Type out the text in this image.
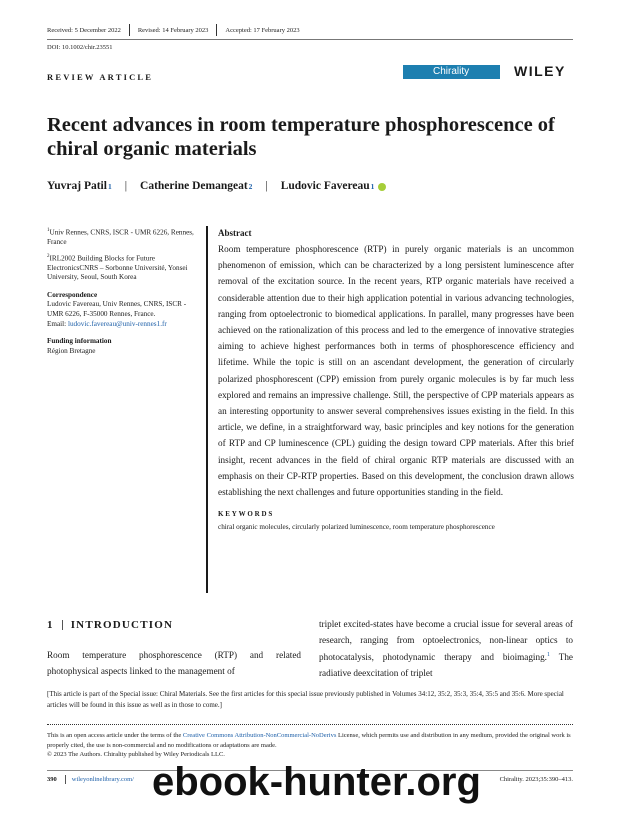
Received: 5 December 2022	Revised: 14 February 2023	Accepted: 17 February 2023
DOI: 10.1002/chir.23551
REVIEW ARTICLE	Chirality	WILEY
Recent advances in room temperature phosphorescence of chiral organic materials
Yuvraj Patil 1 | Catherine Demangeat 2 | Ludovic Favereau 1

$^1$Univ Rennes, CNRS, ISCR - UMR 6226, Rennes, France

$^2$IRL2002 Building Blocks for Future ElectronicsCNRS – Sorbonne Université, Yonsei University, Seoul, South Korea

Correspondence

Ludovic Favereau, Univ Rennes, CNRS, ISCR - UMR 6226, F-35000 Rennes, France.
Email: ludovic.favereau@univ-rennes1.fr

Funding information

Région Bretagne

Abstract
Room temperature phosphorescence (RTP) in purely organic materials is an uncommon phenomenon of emission, which can be characterized by a long persistent luminescence after removal of the excitation source. In the recent years, RTP organic materials have received a considerable attention due to their high application potential in various advancing technologies, ranging from optoelectronic to biomedical applications. In parallel, many progresses have been achieved on the rationalization of this process and led to the emergence of innovative strategies aiming to achieve highest performances both in terms of phosphorescence efficiency and lifetime. While the topic is still on an ascendant development, the generation of circularly polarized phosphorescent (CPP) emission from purely organic molecules is by far much less explored and remains an impressive challenge. Still, the perspective of CPP materials appears as an interesting opportunity to answer several comprehensives issues existing in the field. In this article, we define, in a straightforward way, basic principles and key notions for the generation of RTP and CP luminescence (CPL) guiding the design toward CPP materials. After this brief insight, recent advances in the field of chiral organic RTP materials are discussed with an emphasis on their CP-RTP properties. Based on this development, the conclusion drawn allows establishing the next challenges and future opportunities standing in the field.
KEYWORDS
chiral organic molecules, circularly polarized luminescence, room temperature phosphorescence
1 INTRODUCTION
Room temperature phosphorescence (RTP) and related photophysical aspects linked to the management of
triplet excited-states have become a crucial issue for several areas of research, ranging from optoelectronics, non-linear optics to photocatalysis, photodynamic therapy and bioimaging.$^1$ The radiative deexcitation of triplet
[This article is part of the Special issue: Chiral Materials. See the first articles for this special issue previously published in Volumes 34:12, 35:2, 35:3, 35:4, 35:5 and 35:6. More special articles will be found in this issue as well as in those to come.]
This is an open access article under the terms of the Creative Commons Attribution-NonCommercial-NoDerivs License, which permits use and distribution in any medium, provided the original work is properly cited, the use is non-commercial and no modifications or adaptations are made.
© 2023 The Authors. Chirality published by Wiley Periodicals LLC.
390 wileyonlinelibrary.com/	Chirality. 2023;35:390–413.
ebook-hunter.org
